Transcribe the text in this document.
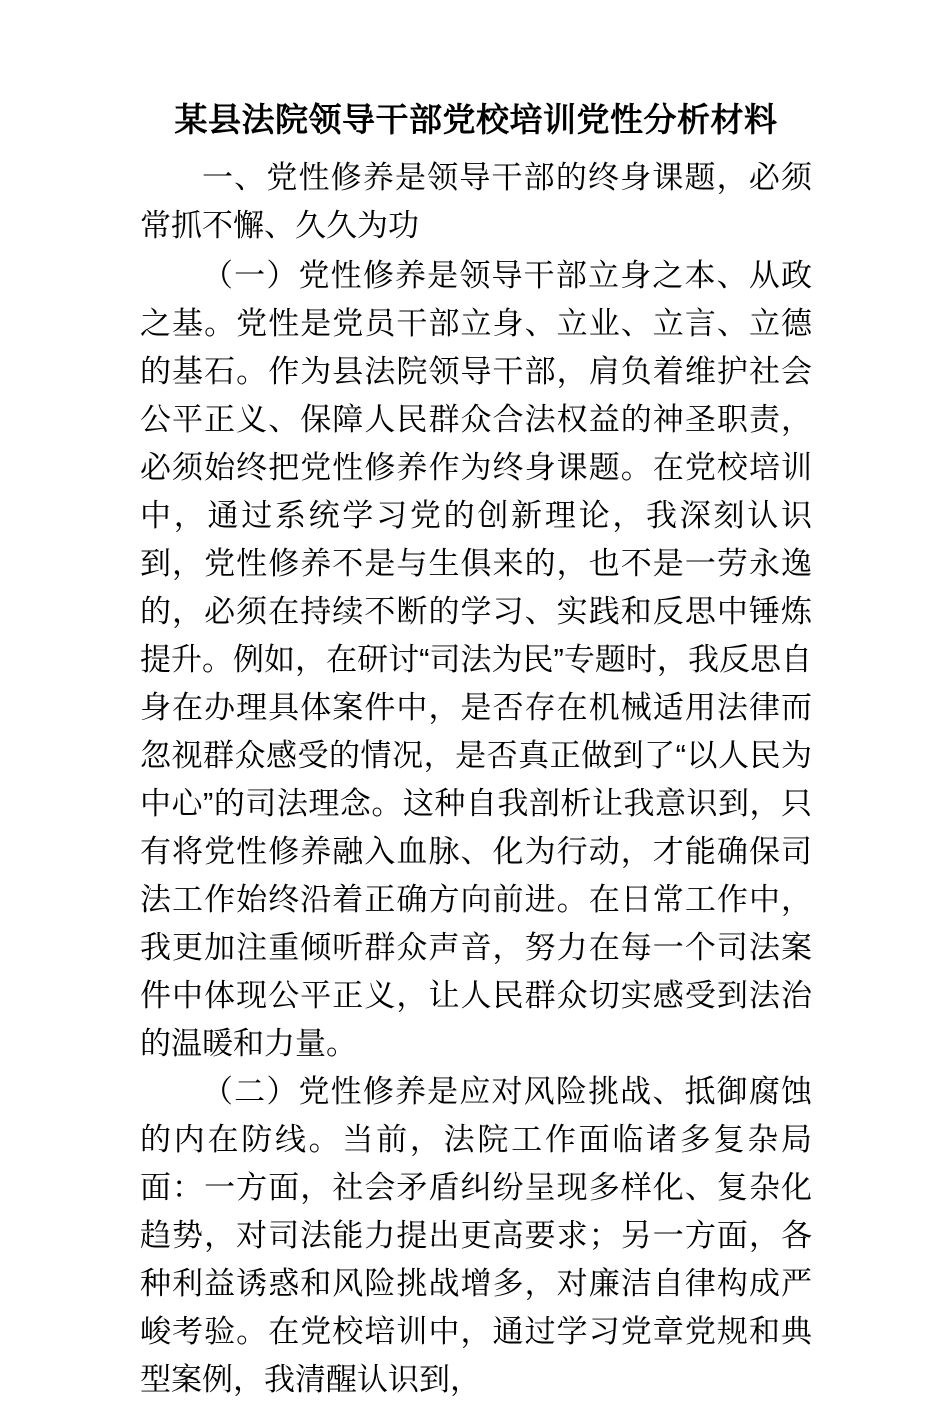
某县法院领导干部党校培训党性分析材料

一、党性修养是领导干部的终身课题，必须常抓不懈、久久为功

（一）党性修养是领导干部立身之本、从政之基。党性是党员干部立身、立业、立言、立德的基石。作为县法院领导干部，肩负着维护社会公平正义、保障人民群众合法权益的神圣职责，必须始终把党性修养作为终身课题。在党校培训中，通过系统学习党的创新理论，我深刻认识到，党性修养不是与生俱来的，也不是一劳永逸的，必须在持续不断的学习、实践和反思中锤炼提升。例如，在研讨“司法为民”专题时，我反思自身在办理具体案件中，是否存在机械适用法律而忽视群众感受的情况，是否真正做到了“以人民为中心”的司法理念。这种自我剖析让我意识到，只有将党性修养融入血脉、化为行动，才能确保司法工作始终沿着正确方向前进。在日常工作中，我更加注重倾听群众声音，努力在每一个司法案件中体现公平正义，让人民群众切实感受到法治的温暖和力量。

（二）党性修养是应对风险挑战、抵御腐蚀的内在防线。当前，法院工作面临诸多复杂局面：一方面，社会矛盾纠纷呈现多样化、复杂化趋势，对司法能力提出更高要求；另一方面，各种利益诱惑和风险挑战增多，对廉洁自律构成严峻考验。在党校培训中，通过学习党章党规和典型案例，我清醒认识到，
